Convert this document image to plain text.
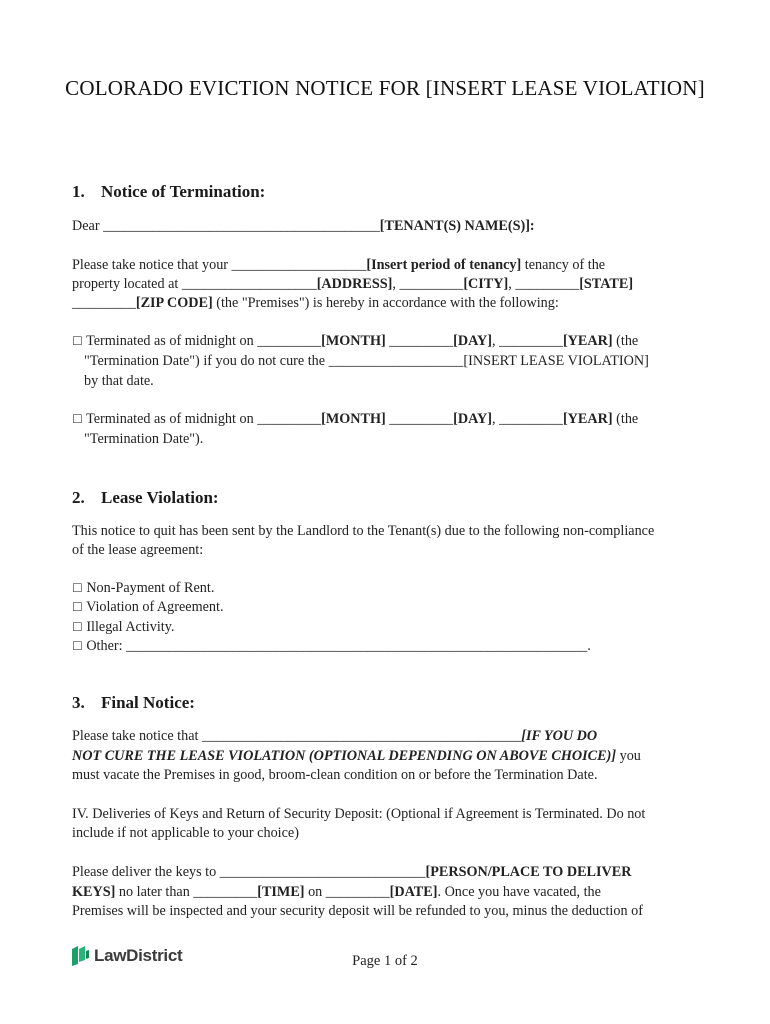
COLORADO EVICTION NOTICE FOR [INSERT LEASE VIOLATION]
1. Notice of Termination:
Dear _______________________________________[TENANT(S) NAME(S)]:
Please take notice that your ___________________[Insert period of tenancy] tenancy of the
property located at ___________________[ADDRESS], _________[CITY], _________[STATE]
_________[ZIP CODE] (the "Premises") is hereby in accordance with the following:
☐ Terminated as of midnight on _________[MONTH] _________[DAY], _________[YEAR] (the
"Termination Date") if you do not cure the ___________________[INSERT LEASE VIOLATION]
by that date.
☐ Terminated as of midnight on _________[MONTH] _________[DAY], _________[YEAR] (the
"Termination Date").
2. Lease Violation:
This notice to quit has been sent by the Landlord to the Tenant(s) due to the following non-compliance
of the lease agreement:
☐ Non-Payment of Rent.
☐ Violation of Agreement.
☐ Illegal Activity.
☐ Other: _________________________________________________________________.
3. Final Notice:
Please take notice that _____________________________________________[IF YOU DO
NOT CURE THE LEASE VIOLATION (OPTIONAL DEPENDING ON ABOVE CHOICE)] you
must vacate the Premises in good, broom-clean condition on or before the Termination Date.
IV. Deliveries of Keys and Return of Security Deposit: (Optional if Agreement is Terminated. Do not
include if not applicable to your choice)
Please deliver the keys to _____________________________[PERSON/PLACE TO DELIVER
KEYS] no later than _________[TIME] on _________[DATE]. Once you have vacated, the
Premises will be inspected and your security deposit will be refunded to you, minus the deduction of
LawDistrict	Page 1 of 2
